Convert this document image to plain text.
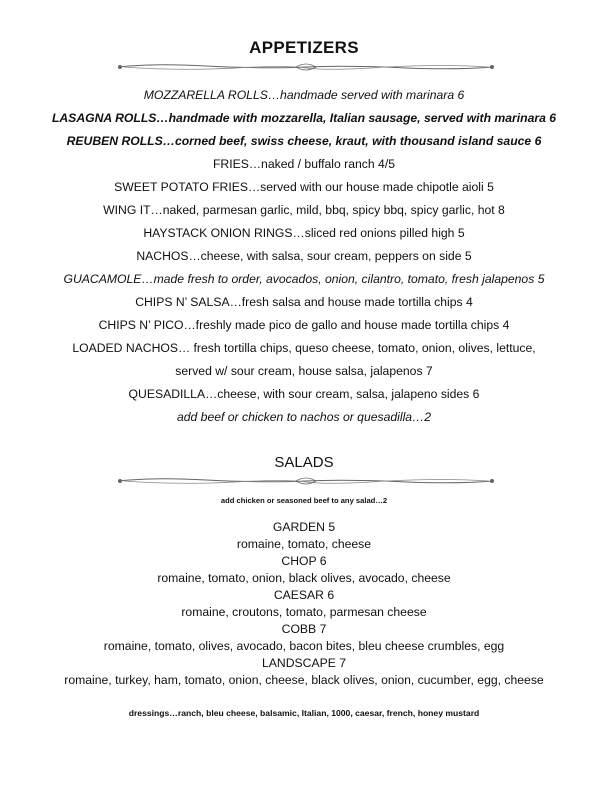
APPETIZERS
MOZZARELLA ROLLS…handmade served with marinara 6
LASAGNA ROLLS…handmade with mozzarella, Italian sausage, served with marinara 6
REUBEN ROLLS…corned beef, swiss cheese, kraut, with thousand island sauce 6
FRIES…naked / buffalo ranch 4/5
SWEET POTATO FRIES…served with our house made chipotle aioli 5
WING IT…naked, parmesan garlic, mild, bbq, spicy bbq, spicy garlic, hot 8
HAYSTACK ONION RINGS…sliced red onions pilled high 5
NACHOS…cheese, with salsa, sour cream, peppers on side 5
GUACAMOLE…made fresh to order, avocados, onion, cilantro, tomato, fresh jalapenos 5
CHIPS N’ SALSA…fresh salsa and house made tortilla chips 4
CHIPS N’ PICO…freshly made pico de gallo and house made tortilla chips 4
LOADED NACHOS… fresh tortilla chips, queso cheese, tomato, onion, olives, lettuce,
served w/ sour cream, house salsa, jalapenos 7
QUESADILLA…cheese, with sour cream, salsa, jalapeno sides 6
add beef or chicken to nachos or quesadilla…2
SALADS
add chicken or seasoned beef to any salad…2
GARDEN 5
romaine, tomato, cheese
CHOP 6
romaine, tomato, onion, black olives, avocado, cheese
CAESAR 6
romaine, croutons, tomato, parmesan cheese
COBB 7
romaine, tomato, olives, avocado, bacon bites, bleu cheese crumbles, egg
LANDSCAPE 7
romaine, turkey, ham, tomato, onion, cheese, black olives, onion, cucumber, egg, cheese
dressings…ranch, bleu cheese, balsamic, Italian, 1000, caesar, french, honey mustard
